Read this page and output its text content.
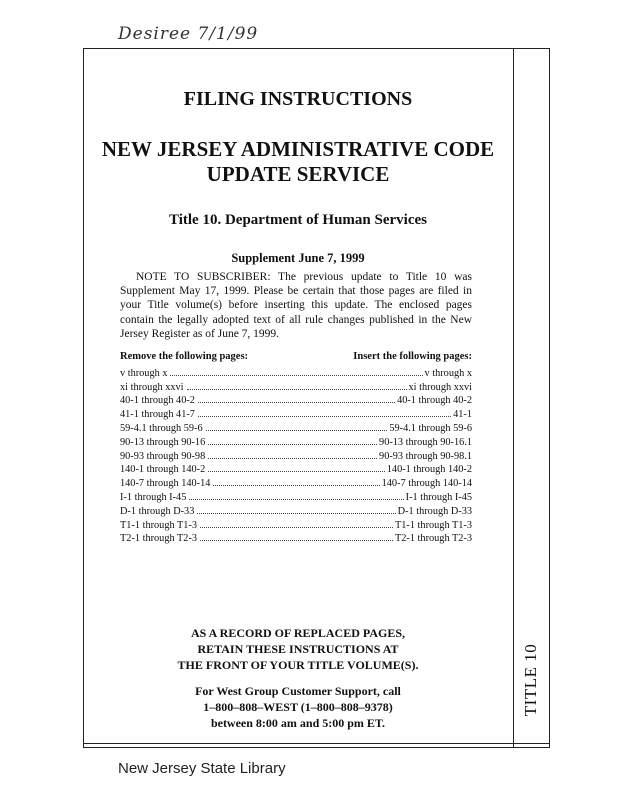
Desiree 7/1/99
TITLE 10
FILING INSTRUCTIONS
NEW JERSEY ADMINISTRATIVE CODE
UPDATE SERVICE
Title 10. Department of Human Services
Supplement June 7, 1999
NOTE TO SUBSCRIBER: The previous update to Title 10 was Supplement May 17, 1999. Please be certain that those pages are filed in your Title volume(s) before inserting this update. The enclosed pages contain the legally adopted text of all rule changes published in the New Jersey Register as of June 7, 1999.
Remove the following pages:	Insert the following pages:
v through x	v through x
xi through xxvi	xi through xxvi
40-1 through 40-2	40-1 through 40-2
41-1 through 41-7	41-1
59-4.1 through 59-6	59-4.1 through 59-6
90-13 through 90-16	90-13 through 90-16.1
90-93 through 90-98	90-93 through 90-98.1
140-1 through 140-2	140-1 through 140-2
140-7 through 140-14	140-7 through 140-14
I-1 through I-45	I-1 through I-45
D-1 through D-33	D-1 through D-33
T1-1 through T1-3	T1-1 through T1-3
T2-1 through T2-3	T2-1 through T2-3
AS A RECORD OF REPLACED PAGES,
RETAIN THESE INSTRUCTIONS AT
THE FRONT OF YOUR TITLE VOLUME(S).
For West Group Customer Support, call
1–800–808–WEST (1–800–808–9378)
between 8:00 am and 5:00 pm ET.
New Jersey State Library
